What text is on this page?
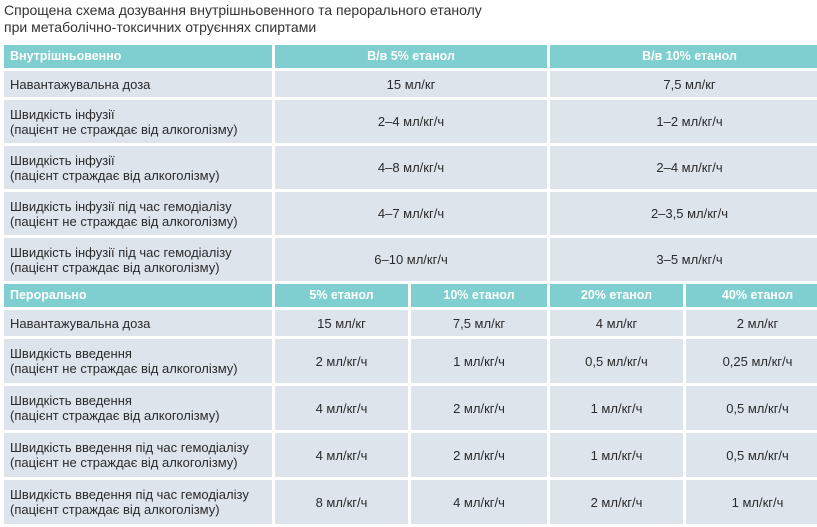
Спрощена схема дозування внутрішньовенного та перорального етанолу
при метаболічно-токсичних отруєннях спиртами
Внутрішньовенно	В/в 5% етанол		В/в 10% етанол	

Навантажувальна доза	15 мл/кг		7,5 мл/кг	

Швидкість інфузії
(пацієнт не страждає від алкоголізму)	2–4 мл/кг/ч		1–2 мл/кг/ч	

Швидкість інфузії
(пацієнт страждає від алкоголізму)	4–8 мл/кг/ч		2–4 мл/кг/ч	

Швидкість інфузії під час гемодіалізу
(пацієнт не страждає від алкоголізму)	4–7 мл/кг/ч		2–3,5 мл/кг/ч	

Швидкість інфузії під час гемодіалізу
(пацієнт страждає від алкоголізму)	6–10 мл/кг/ч		3–5 мл/кг/ч	
Перорально	5% етанол	10% етанол	20% етанол	40% етанол

Навантажувальна доза	15 мл/кг	7,5 мл/кг	4 мл/кг	2 мл/кг

Швидкість введення
(пацієнт не страждає від алкоголізму)	2 мл/кг/ч	1 мл/кг/ч	0,5 мл/кг/ч	0,25 мл/кг/ч

Швидкість введення
(пацієнт страждає від алкоголізму)	4 мл/кг/ч	2 мл/кг/ч	1 мл/кг/ч	0,5 мл/кг/ч

Швидкість введення під час гемодіалізу
(пацієнт не страждає від алкоголізму)	4 мл/кг/ч	2 мл/кг/ч	1 мл/кг/ч	0,5 мл/кг/ч

Швидкість введення під час гемодіалізу
(пацієнт страждає від алкоголізму)	8 мл/кг/ч	4 мл/кг/ч	2 мл/кг/ч	1 мл/кг/ч
